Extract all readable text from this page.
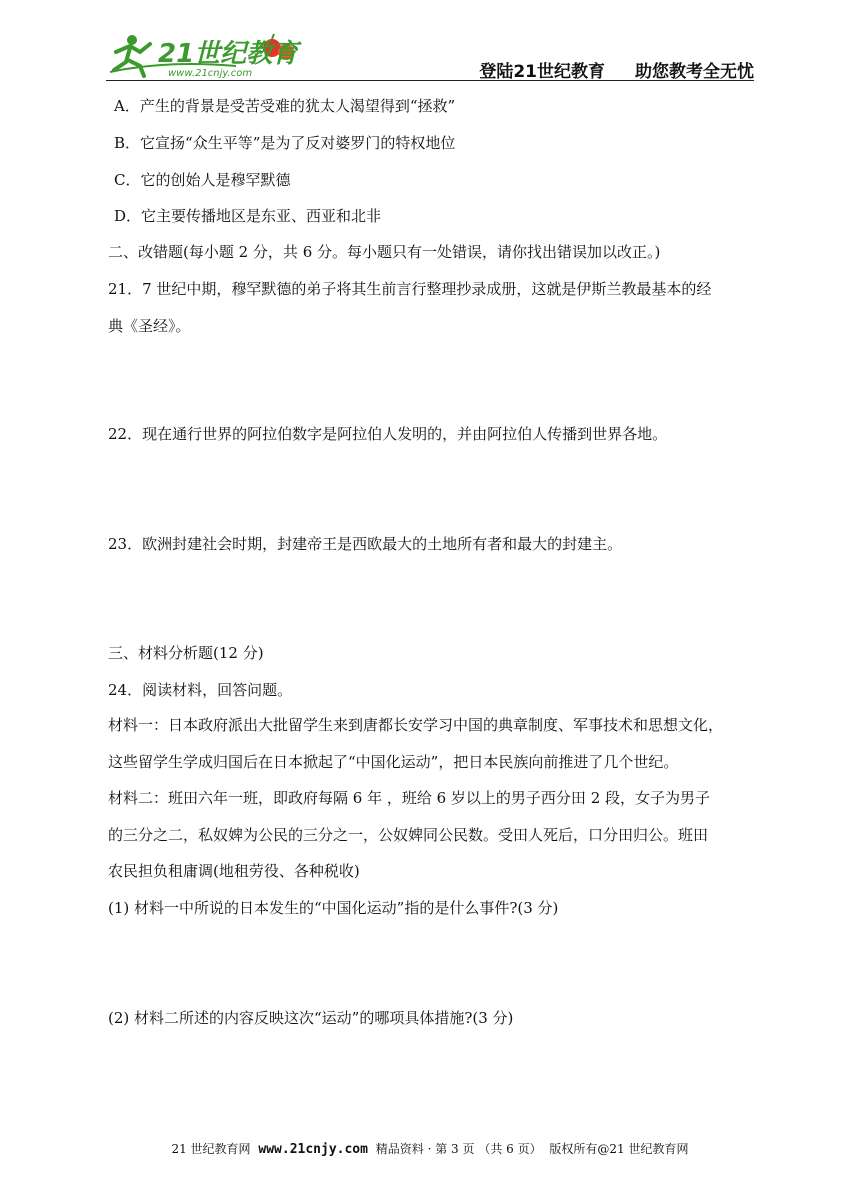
21世纪教育
www.21cnjy.com	登陆21世纪教育 助您教考全无忧
A．产生的背景是受苦受难的犹太人渴望得到“拯救”
B．它宣扬“众生平等”是为了反对婆罗门的特权地位
C．它的创始人是穆罕默德
D．它主要传播地区是东亚、西亚和北非
二、改错题(每小题 2 分，共 6 分。每小题只有一处错误，请你找出错误加以改正。)
21．7 世纪中期，穆罕默德的弟子将其生前言行整理抄录成册，这就是伊斯兰教最基本的经
典《圣经》。
22．现在通行世界的阿拉伯数字是阿拉伯人发明的，并由阿拉伯人传播到世界各地。
23．欧洲封建社会时期，封建帝王是西欧最大的土地所有者和最大的封建主。
三、材料分析题(12 分)
24．阅读材料，回答问题。
材料一：日本政府派出大批留学生来到唐都长安学习中国的典章制度、军事技术和思想文化，
这些留学生学成归国后在日本掀起了“中国化运动”，把日本民族向前推进了几个世纪。
材料二：班田六年一班，即政府每隔 6 年 ，班给 6 岁以上的男子西分田 2 段，女子为男子
的三分之二，私奴婢为公民的三分之一，公奴婢同公民数。受田人死后，口分田归公。班田
农民担负租庸调(地租劳役、各种税收)
(1) 材料一中所说的日本发生的“中国化运动”指的是什么事件?(3 分)
(2) 材料二所述的内容反映这次“运动”的哪项具体措施?(3 分)
21 世纪教育网 www.21cnjy.com 精品资料 · 第 3 页 （共 6 页） 版权所有@21 世纪教育网
